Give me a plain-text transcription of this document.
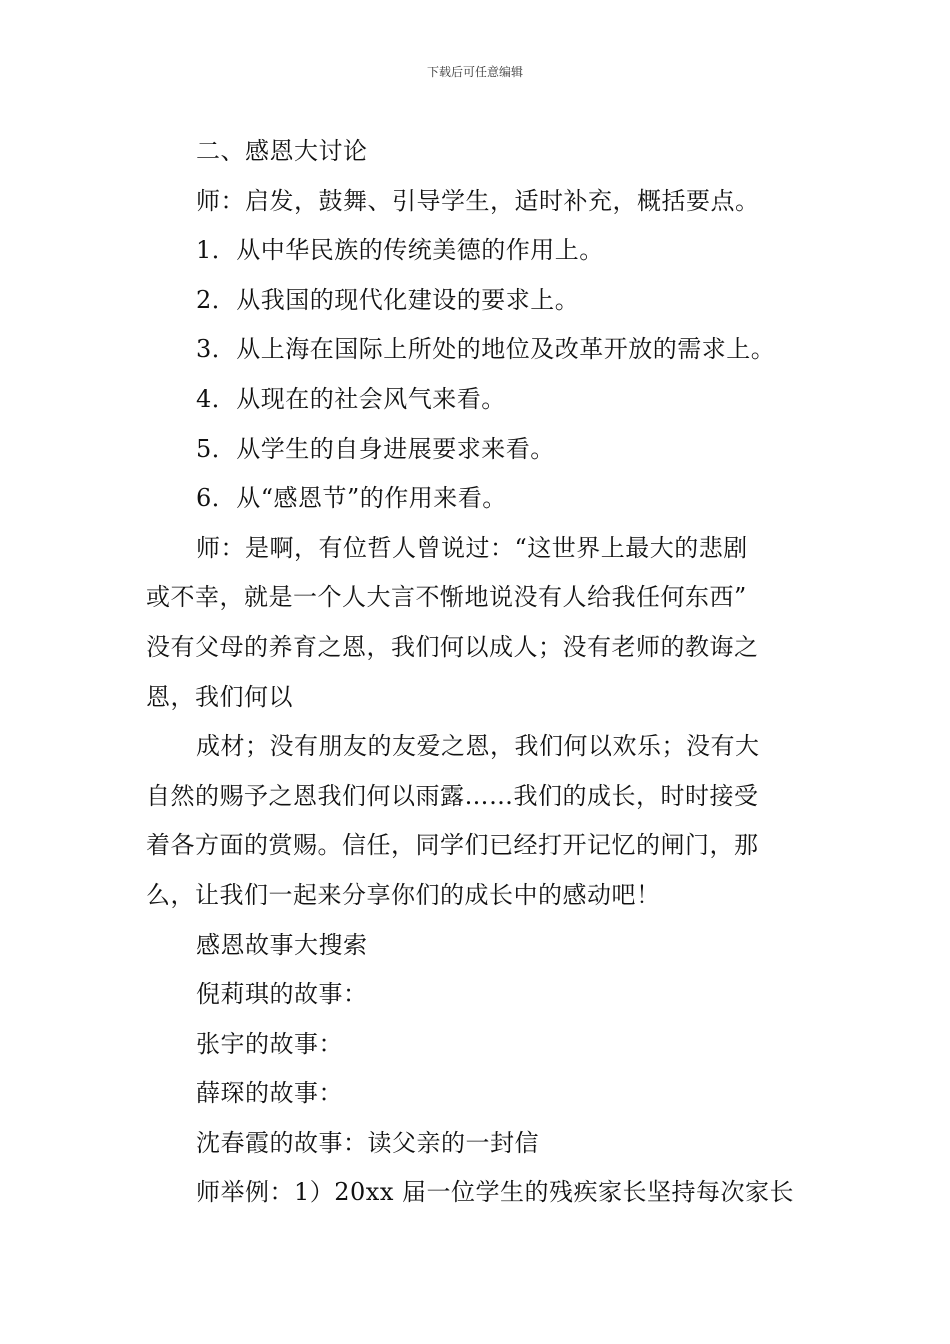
下载后可任意编辑
二、感恩大讨论
师：启发，鼓舞、引导学生，适时补充，概括要点。
1．从中华民族的传统美德的作用上。
2．从我国的现代化建设的要求上。
3．从上海在国际上所处的地位及改革开放的需求上。
4．从现在的社会风气来看。
5．从学生的自身进展要求来看。
6．从“感恩节”的作用来看。
师：是啊，有位哲人曾说过：“这世界上最大的悲剧
或不幸，就是一个人大言不惭地说没有人给我任何东西”
没有父母的养育之恩，我们何以成人；没有老师的教诲之
恩，我们何以
成材；没有朋友的友爱之恩，我们何以欢乐；没有大
自然的赐予之恩我们何以雨露……我们的成长，时时接受
着各方面的赏赐。信任，同学们已经打开记忆的闸门，那
么，让我们一起来分享你们的成长中的感动吧！
感恩故事大搜索
倪莉琪的故事：
张宇的故事：
薛琛的故事：
沈春霞的故事：读父亲的一封信
师举例：1）20xx 届一位学生的残疾家长坚持每次家长
